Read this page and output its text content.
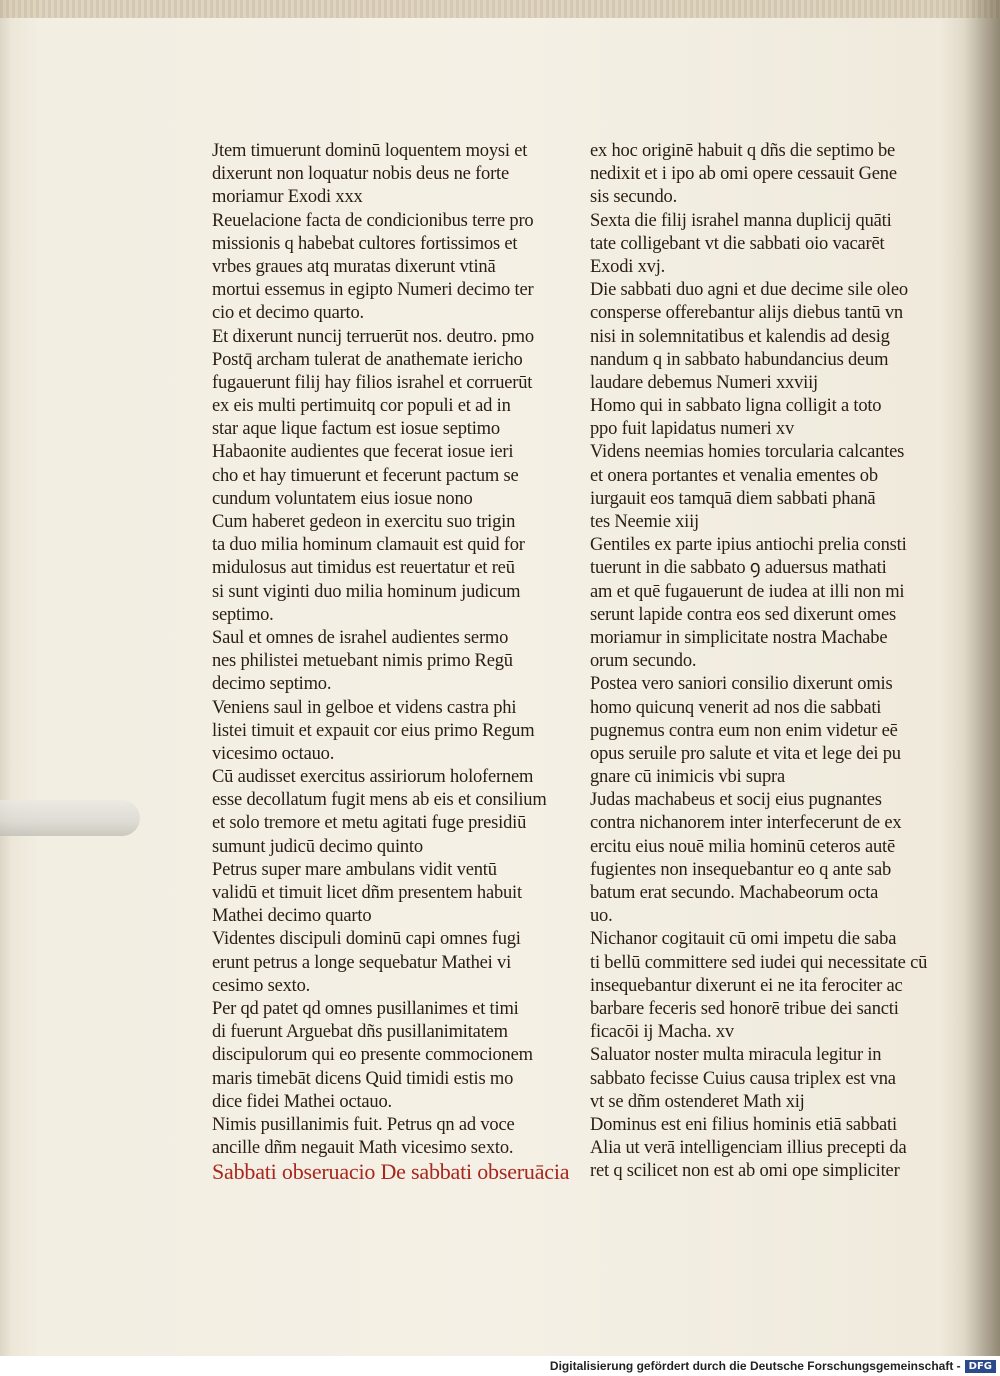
Jtem timuerunt dominū loquentem moysi et
dixerunt non loquatur nobis deus ne forte
moriamur Exodi xxx
Reuelacione facta de condicionibus terre pro
missionis q habebat cultores fortissimos et
vrbes graues atq muratas dixerunt vtinā
mortui essemus in egipto Numeri decimo ter
cio et decimo quarto.
Et dixerunt nuncij terruerūt nos. deutro. pmo
Postq̄ archam tulerat de anathemate iericho
fugauerunt filij hay filios israhel et corruerūt
ex eis multi pertimuitq cor populi et ad in
star aque lique factum est iosue septimo
Habaonite audientes que fecerat iosue ieri
cho et hay timuerunt et fecerunt pactum se
cundum voluntatem eius iosue nono
Cum haberet gedeon in exercitu suo trigin
ta duo milia hominum clamauit est quid for
midulosus aut timidus est reuertatur et reū
si sunt viginti duo milia hominum judicum
septimo.
Saul et omnes de israhel audientes sermo
nes philistei metuebant nimis primo Regū
decimo septimo.
Veniens saul in gelboe et videns castra phi
listei timuit et expauit cor eius primo Regum
vicesimo octauo.
Cū audisset exercitus assiriorum holofernem
esse decollatum fugit mens ab eis et consilium
et solo tremore et metu agitati fuge presidiū
sumunt judicū decimo quinto
Petrus super mare ambulans vidit ventū
validū et timuit licet dñm presentem habuit
Mathei decimo quarto
Videntes discipuli dominū capi omnes fugi
erunt petrus a longe sequebatur Mathei vi
cesimo sexto.
Per qd patet qd omnes pusillanimes et timi
di fuerunt Arguebat dñs pusillanimitatem
discipulorum qui eo presente commocionem
maris timebāt dicens Quid timidi estis mo
dice fidei Mathei octauo.
Nimis pusillanimis fuit. Petrus qn ad voce
ancille dñm negauit Math vicesimo sexto.
Sabbati obseruacio De sabbati obseruācia
ex hoc originē habuit q dñs die septimo be
nedixit et i ipo ab omi opere cessauit Gene
sis secundo.
Sexta die filij israhel manna duplicij quāti
tate colligebant vt die sabbati oio vacarēt
Exodi xvj.
Die sabbati duo agni et due decime sile oleo
consperse offerebantur alijs diebus tantū vn
nisi in solemnitatibus et kalendis ad desig
nandum q in sabbato habundancius deum
laudare debemus Numeri xxviij
Homo qui in sabbato ligna colligit a toto
ppo fuit lapidatus numeri xv
Videns neemias homies torcularia calcantes
et onera portantes et venalia ementes ob
iurgauit eos tamquā diem sabbati phanā
tes Neemie xiij
Gentiles ex parte ipius antiochi prelia consti
tuerunt in die sabbato ꝯ aduersus mathati
am et quē fugauerunt de iudea at illi non mi
serunt lapide contra eos sed dixerunt omes
moriamur in simplicitate nostra Machabe
orum secundo.
Postea vero saniori consilio dixerunt omis
homo quicunq venerit ad nos die sabbati
pugnemus contra eum non enim videtur eē
opus seruile pro salute et vita et lege dei pu
gnare cū inimicis vbi supra
Judas machabeus et socij eius pugnantes
contra nichanorem inter interfecerunt de ex
ercitu eius nouē milia hominū ceteros autē
fugientes non insequebantur eo q ante sab
batum erat secundo. Machabeorum octa
uo.
Nichanor cogitauit cū omi impetu die saba
ti bellū committere sed iudei qui necessitate cū
insequebantur dixerunt ei ne ita ferociter ac
barbare feceris sed honorē tribue dei sancti
ficacōi ij Macha. xv
Saluator noster multa miracula legitur in
sabbato fecisse Cuius causa triplex est vna
vt se dñm ostenderet Math xij
Dominus est eni filius hominis etiā sabbati
Alia ut verā intelligenciam illius precepti da
ret q scilicet non est ab omi ope simpliciter
Digitalisierung gefördert durch die Deutsche Forschungsgemeinschaft - DFG
